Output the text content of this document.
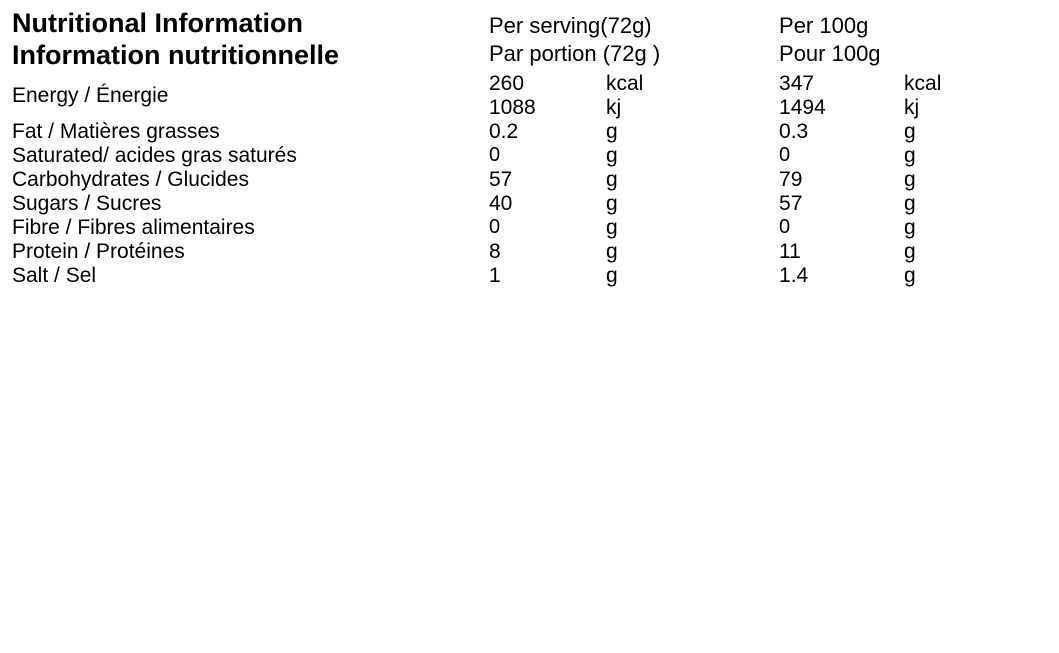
Nutritional Information
Information nutritionnelle

Per serving(72g)
Par portion (72g )

Per 100g
Pour 100g

Energy / Énergie	260	kcal	347	kcal
	1088	kj	1494	kj
Fat / Matières grasses	0.2	g	0.3	g
Saturated/ acides gras saturés	0	g	0	g
Carbohydrates / Glucides	57	g	79	g
Sugars / Sucres	40	g	57	g
Fibre / Fibres alimentaires	0	g	0	g
Protein / Protéines	8	g	11	g
Salt / Sel	1	g	1.4	g
